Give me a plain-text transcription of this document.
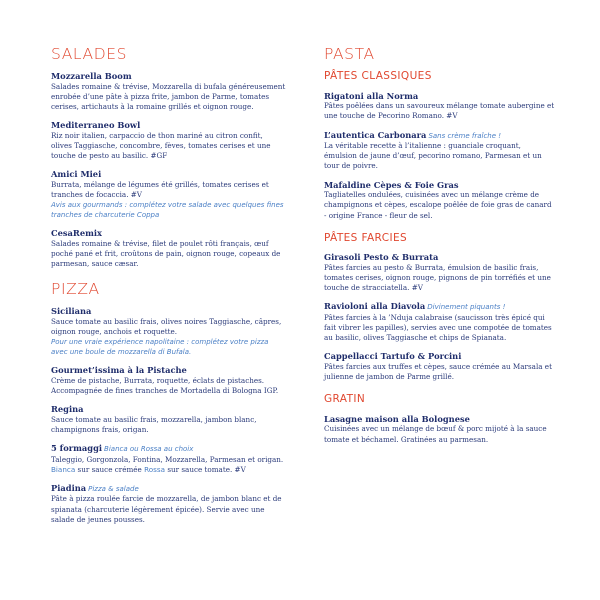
SALADES
Mozzarella Boom
Salades romaine & trévise, Mozzarella di bufala généreusement enrobée d’une pâte à pizza frite, jambon de Parme, tomates cerises, artichauts à la romaine grillés et oignon rouge.
Mediterraneo Bowl
Riz noir italien, carpaccio de thon mariné au citron confit, olives Taggiasche, concombre, fèves, tomates cerises et une touche de pesto au basilic. #GF
Amici Miei
Burrata, mélange de légumes été grillés, tomates cerises et tranches de focaccia. #V
Avis aux gourmands : complétez votre salade avec quelques fines tranches de charcuterie Coppa
CesaRemix
Salades romaine & trévise, filet de poulet rôti français, œuf poché pané et frit, croûtons de pain, oignon rouge, copeaux de parmesan, sauce cæsar.
PIZZA
Siciliana
Sauce tomate au basilic frais, olives noires Taggiasche, câpres, oignon rouge, anchois et roquette.
Pour une vraie expérience napolitaine : complétez votre pizza avec une boule de mozzarella di Bufala.
Gourmet’issima à la Pistache
Crème de pistache, Burrata, roquette, éclats de pistaches. Accompagnée de fines tranches de Mortadella di Bologna IGP.
Regina
Sauce tomate au basilic frais, mozzarella, jambon blanc, champignons frais, origan.
5 formaggi Bianca ou Rossa au choix
Taleggio, Gorgonzola, Fontina, Mozzarella, Parmesan et origan.
Bianca sur sauce crémée Rossa sur sauce tomate. #V
Piadina Pizza & salade
Pâte à pizza roulée farcie de mozzarella, de jambon blanc et de spianata (charcuterie légèrement épicée). Servie avec une salade de jeunes pousses.
PASTA
PÂTES CLASSIQUES
Rigatoni alla Norma
Pâtes poêlées dans un savoureux mélange tomate aubergine et une touche de Pecorino Romano. #V
L’autentica Carbonara Sans crème fraîche !
La véritable recette à l’italienne : guanciale croquant, émulsion de jaune d’œuf, pecorino romano, Parmesan et un tour de poivre.
Mafaldine Cèpes & Foie Gras
Tagliatelles ondulées, cuisinées avec un mélange crème de champignons et cèpes, escalope poêlée de foie gras de canard - origine France - fleur de sel.
PÂTES FARCIES
Girasoli Pesto & Burrata
Pâtes farcies au pesto & Burrata, émulsion de basilic frais, tomates cerises, oignon rouge, pignons de pin torréfiés et une touche de stracciatella. #V
Ravioloni alla Diavola Divinement piquants !
Pâtes farcies à la ’Nduja calabraise (saucisson très épicé qui fait vibrer les papilles), servies avec une compotée de tomates au basilic, olives Taggiasche et chips de Spianata.
Cappellacci Tartufo & Porcini
Pâtes farcies aux truffes et cèpes, sauce crémée au Marsala et julienne de jambon de Parme grillé.
GRATIN
Lasagne maison alla Bolognese
Cuisinées avec un mélange de bœuf & porc mijoté à la sauce tomate et béchamel. Gratinées au parmesan.
